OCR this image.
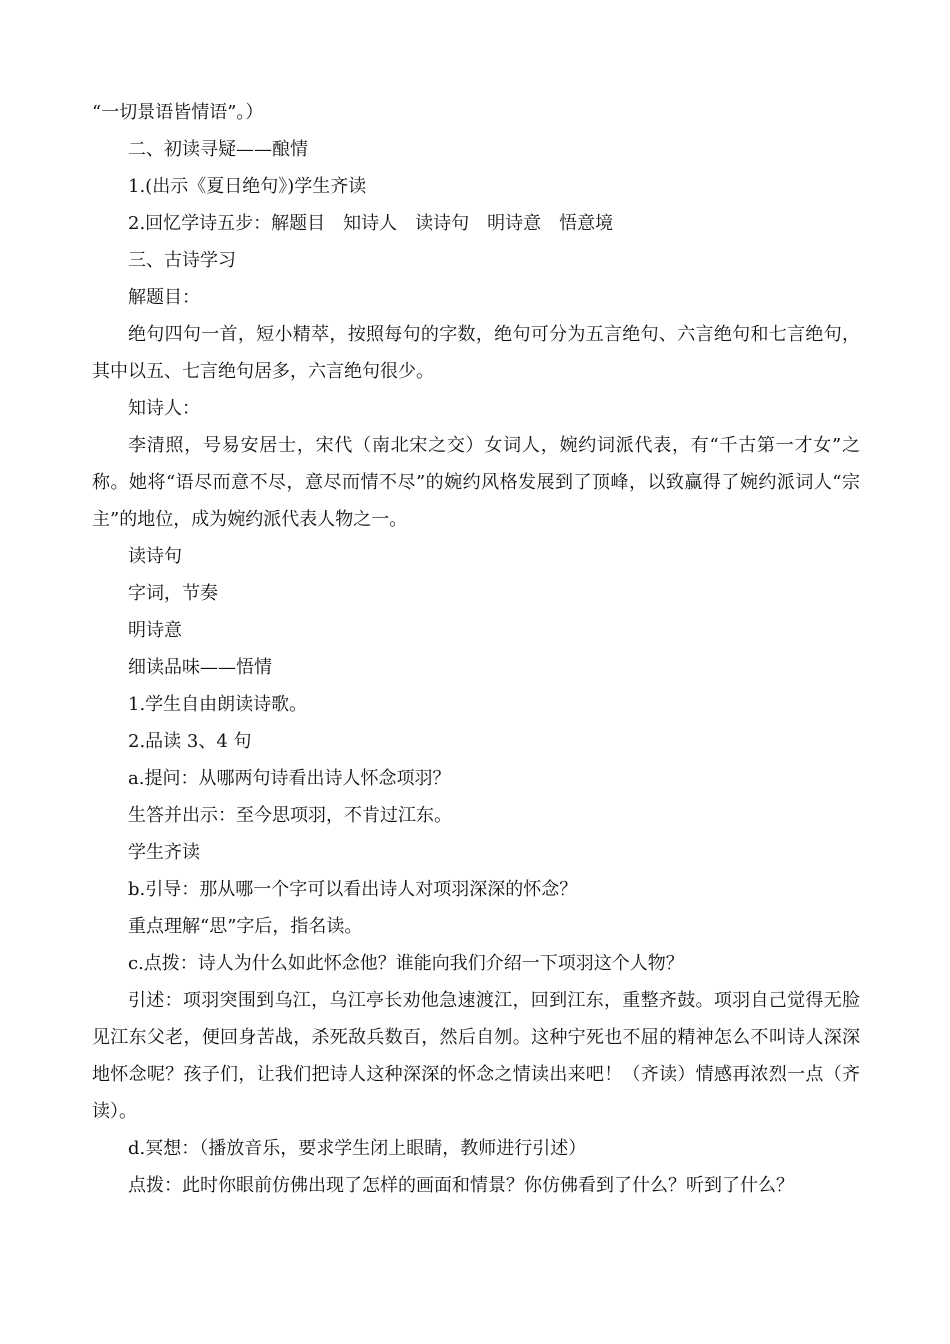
“一切景语皆情语”。）

二、初读寻疑——酿情

1.(出示《夏日绝句》)学生齐读

2.回忆学诗五步：解题目　知诗人　读诗句　明诗意　悟意境

三、古诗学习

解题目：

绝句四句一首，短小精萃，按照每句的字数，绝句可分为五言绝句、六言绝句和七言绝句，其中以五、七言绝句居多，六言绝句很少。

知诗人：

李清照，号易安居士，宋代（南北宋之交）女词人，婉约词派代表，有“千古第一才女”之称。她将“语尽而意不尽，意尽而情不尽”的婉约风格发展到了顶峰，以致赢得了婉约派词人“宗主”的地位，成为婉约派代表人物之一。

读诗句

字词，节奏

明诗意

细读品味——悟情

1.学生自由朗读诗歌。

2.品读 3、4 句

a.提问：从哪两句诗看出诗人怀念项羽？

生答并出示：至今思项羽，不肯过江东。

学生齐读

b.引导：那从哪一个字可以看出诗人对项羽深深的怀念？

重点理解“思”字后，指名读。

c.点拨：诗人为什么如此怀念他？谁能向我们介绍一下项羽这个人物？

引述：项羽突围到乌江，乌江亭长劝他急速渡江，回到江东，重整齐鼓。项羽自己觉得无脸见江东父老，便回身苦战，杀死敌兵数百，然后自刎。这种宁死也不屈的精神怎么不叫诗人深深地怀念呢？孩子们，让我们把诗人这种深深的怀念之情读出来吧！（齐读）情感再浓烈一点（齐读）。

d.冥想：（播放音乐，要求学生闭上眼睛，教师进行引述）

点拨：此时你眼前仿佛出现了怎样的画面和情景？你仿佛看到了什么？听到了什么？
